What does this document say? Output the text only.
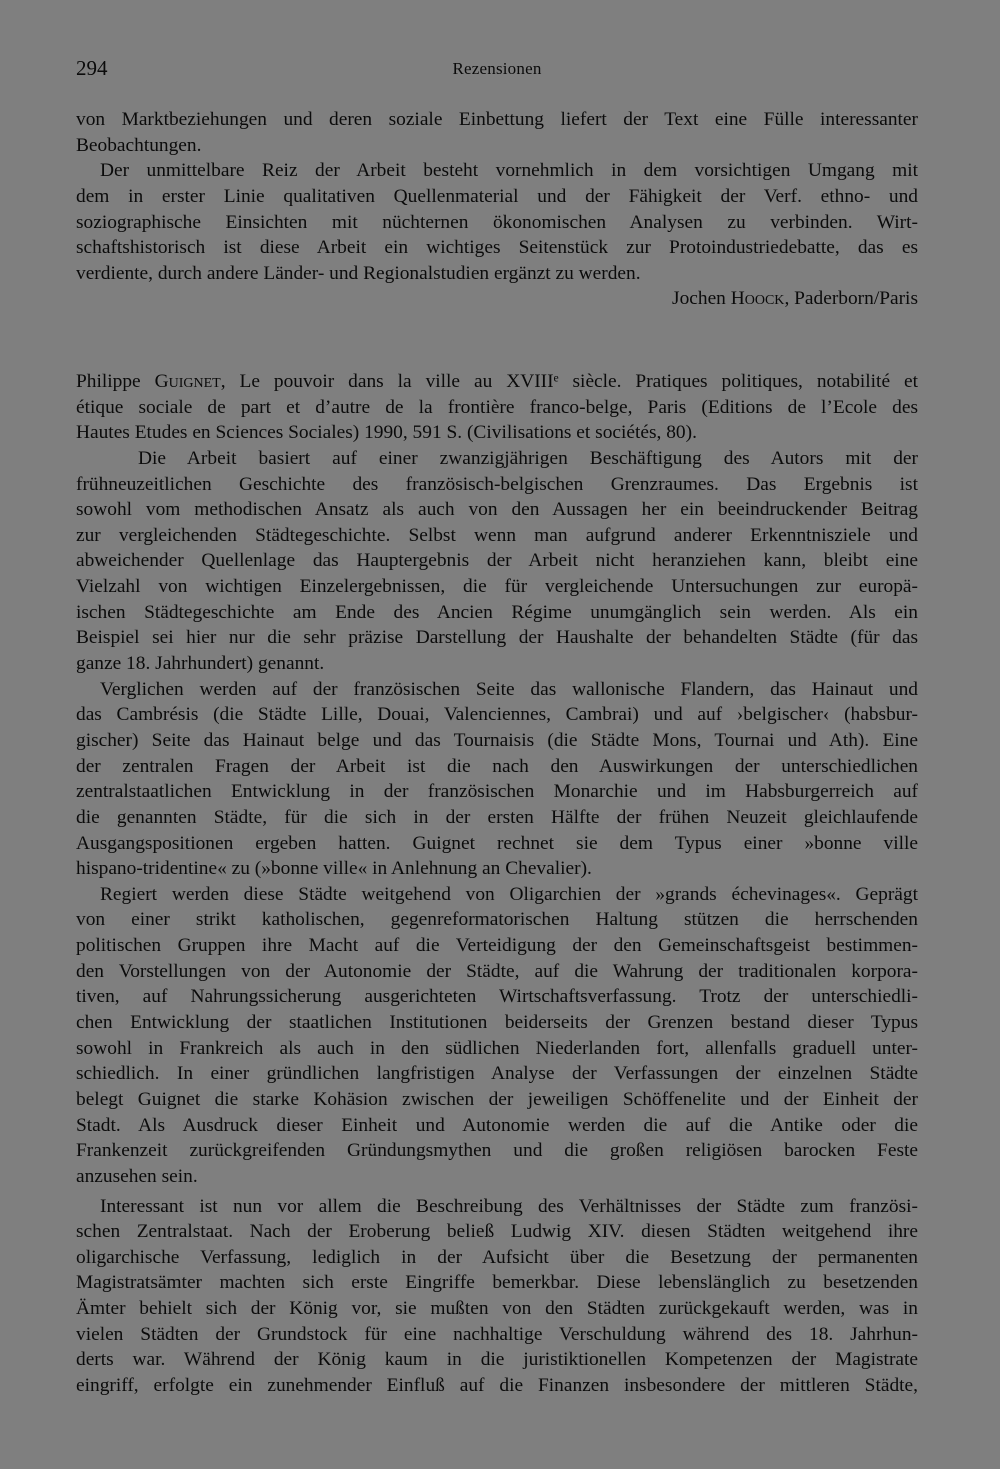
294	Rezensionen
von Marktbeziehungen und deren soziale Einbettung liefert der Text eine Fülle interessanter
Beobachtungen.
Der unmittelbare Reiz der Arbeit besteht vornehmlich in dem vorsichtigen Umgang mit
dem in erster Linie qualitativen Quellenmaterial und der Fähigkeit der Verf. ethno- und
soziographische Einsichten mit nüchternen ökonomischen Analysen zu verbinden. Wirt-
schaftshistorisch ist diese Arbeit ein wichtiges Seitenstück zur Protoindustriedebatte, das es
verdiente, durch andere Länder- und Regionalstudien ergänzt zu werden.
Jochen Hoock, Paderborn/Paris
Philippe Guignet, Le pouvoir dans la ville au XVIIIᵉ siècle. Pratiques politiques, notabilité et
étique sociale de part et d’autre de la frontière franco-belge, Paris (Editions de l’Ecole des
Hautes Etudes en Sciences Sociales) 1990, 591 S. (Civilisations et sociétés, 80).
Die Arbeit basiert auf einer zwanzigjährigen Beschäftigung des Autors mit der
frühneuzeitlichen Geschichte des französisch-belgischen Grenzraumes. Das Ergebnis ist
sowohl vom methodischen Ansatz als auch von den Aussagen her ein beeindruckender Beitrag
zur vergleichenden Städtegeschichte. Selbst wenn man aufgrund anderer Erkenntnisziele und
abweichender Quellenlage das Hauptergebnis der Arbeit nicht heranziehen kann, bleibt eine
Vielzahl von wichtigen Einzelergebnissen, die für vergleichende Untersuchungen zur europä-
ischen Städtegeschichte am Ende des Ancien Régime unumgänglich sein werden. Als ein
Beispiel sei hier nur die sehr präzise Darstellung der Haushalte der behandelten Städte (für das
ganze 18. Jahrhundert) genannt.
Verglichen werden auf der französischen Seite das wallonische Flandern, das Hainaut und
das Cambrésis (die Städte Lille, Douai, Valenciennes, Cambrai) und auf ›belgischer‹ (habsbur-
gischer) Seite das Hainaut belge und das Tournaisis (die Städte Mons, Tournai und Ath). Eine
der zentralen Fragen der Arbeit ist die nach den Auswirkungen der unterschiedlichen
zentralstaatlichen Entwicklung in der französischen Monarchie und im Habsburgerreich auf
die genannten Städte, für die sich in der ersten Hälfte der frühen Neuzeit gleichlaufende
Ausgangspositionen ergeben hatten. Guignet rechnet sie dem Typus einer »bonne ville
hispano-tridentine« zu (»bonne ville« in Anlehnung an Chevalier).
Regiert werden diese Städte weitgehend von Oligarchien der »grands échevinages«. Geprägt
von einer strikt katholischen, gegenreformatorischen Haltung stützen die herrschenden
politischen Gruppen ihre Macht auf die Verteidigung der den Gemeinschaftsgeist bestimmen-
den Vorstellungen von der Autonomie der Städte, auf die Wahrung der traditionalen korpora-
tiven, auf Nahrungssicherung ausgerichteten Wirtschaftsverfassung. Trotz der unterschiedli-
chen Entwicklung der staatlichen Institutionen beiderseits der Grenzen bestand dieser Typus
sowohl in Frankreich als auch in den südlichen Niederlanden fort, allenfalls graduell unter-
schiedlich. In einer gründlichen langfristigen Analyse der Verfassungen der einzelnen Städte
belegt Guignet die starke Kohäsion zwischen der jeweiligen Schöffenelite und der Einheit der
Stadt. Als Ausdruck dieser Einheit und Autonomie werden die auf die Antike oder die
Frankenzeit zurückgreifenden Gründungsmythen und die großen religiösen barocken Feste
anzusehen sein.
Interessant ist nun vor allem die Beschreibung des Verhältnisses der Städte zum französi-
schen Zentralstaat. Nach der Eroberung beließ Ludwig XIV. diesen Städten weitgehend ihre
oligarchische Verfassung, lediglich in der Aufsicht über die Besetzung der permanenten
Magistratsämter machten sich erste Eingriffe bemerkbar. Diese lebenslänglich zu besetzenden
Ämter behielt sich der König vor, sie mußten von den Städten zurückgekauft werden, was in
vielen Städten der Grundstock für eine nachhaltige Verschuldung während des 18. Jahrhun-
derts war. Während der König kaum in die juristiktionellen Kompetenzen der Magistrate
eingriff, erfolgte ein zunehmender Einfluß auf die Finanzen insbesondere der mittleren Städte,
